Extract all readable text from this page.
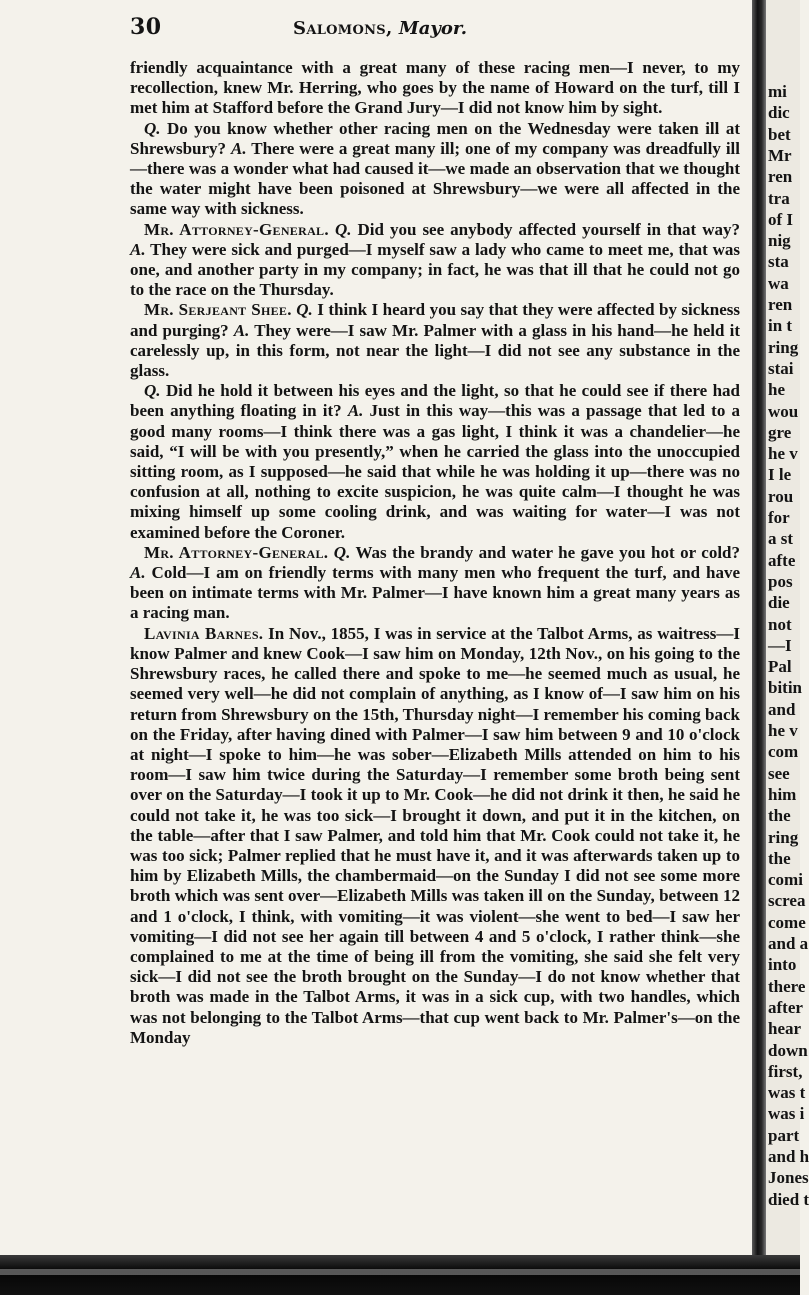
30	Salomons, Mayor.

friendly acquaintance with a great many of these racing men—I never, to my recollection, knew Mr. Herring, who goes by the name of Howard on the turf, till I met him at Stafford before the Grand Jury—I did not know him by sight.

Q. Do you know whether other racing men on the Wednesday were taken ill at Shrewsbury? A. There were a great many ill; one of my company was dreadfully ill—there was a wonder what had caused it—we made an observation that we thought the water might have been poisoned at Shrewsbury—we were all affected in the same way with sickness.

Mr. Attorney-General. Q. Did you see anybody affected yourself in that way? A. They were sick and purged—I myself saw a lady who came to meet me, that was one, and another party in my company; in fact, he was that ill that he could not go to the race on the Thursday.

Mr. Serjeant Shee. Q. I think I heard you say that they were affected by sickness and purging? A. They were—I saw Mr. Palmer with a glass in his hand—he held it carelessly up, in this form, not near the light—I did not see any substance in the glass.

Q. Did he hold it between his eyes and the light, so that he could see if there had been anything floating in it? A. Just in this way—this was a passage that led to a good many rooms—I think there was a gas light, I think it was a chandelier—he said, “I will be with you presently,” when he carried the glass into the unoccupied sitting room, as I supposed—he said that while he was holding it up—there was no confusion at all, nothing to excite suspicion, he was quite calm—I thought he was mixing himself up some cooling drink, and was waiting for water—I was not examined before the Coroner.

Mr. Attorney-General. Q. Was the brandy and water he gave you hot or cold? A. Cold—I am on friendly terms with many men who frequent the turf, and have been on intimate terms with Mr. Palmer—I have known him a great many years as a racing man.

Lavinia Barnes. In Nov., 1855, I was in service at the Talbot Arms, as waitress—I know Palmer and knew Cook—I saw him on Monday, 12th Nov., on his going to the Shrewsbury races, he called there and spoke to me—he seemed much as usual, he seemed very well—he did not complain of anything, as I know of—I saw him on his return from Shrewsbury on the 15th, Thursday night—I remember his coming back on the Friday, after having dined with Palmer—I saw him between 9 and 10 o'clock at night—I spoke to him—he was sober—Elizabeth Mills attended on him to his room—I saw him twice during the Saturday—I remember some broth being sent over on the Saturday—I took it up to Mr. Cook—he did not drink it then, he said he could not take it, he was too sick—I brought it down, and put it in the kitchen, on the table—after that I saw Palmer, and told him that Mr. Cook could not take it, he was too sick; Palmer replied that he must have it, and it was afterwards taken up to him by Elizabeth Mills, the chambermaid—on the Sunday I did not see some more broth which was sent over—Elizabeth Mills was taken ill on the Sunday, between 12 and 1 o'clock, I think, with vomiting—it was violent—she went to bed—I saw her vomiting—I did not see her again till between 4 and 5 o'clock, I rather think—she complained to me at the time of being ill from the vomiting, she said she felt very sick—I did not see the broth brought on the Sunday—I do not know whether that broth was made in the Talbot Arms, it was in a sick cup, with two handles, which was not belonging to the Talbot Arms—that cup went back to Mr. Palmer's—on the Monday

mi
dic
bet
Mr
ren
tra
of I
nig
sta
wa
ren
in t
ring
stai
he
wou
gre
he v
I le
rou
for
a st
afte
pos
die
not
—I
Pal
bitin
and
he v
com
see
him
the
ring
the
comi
screa
come
and a
into
there
after
hear
down
first,
was t
was i
part
and h
Jones
died t
